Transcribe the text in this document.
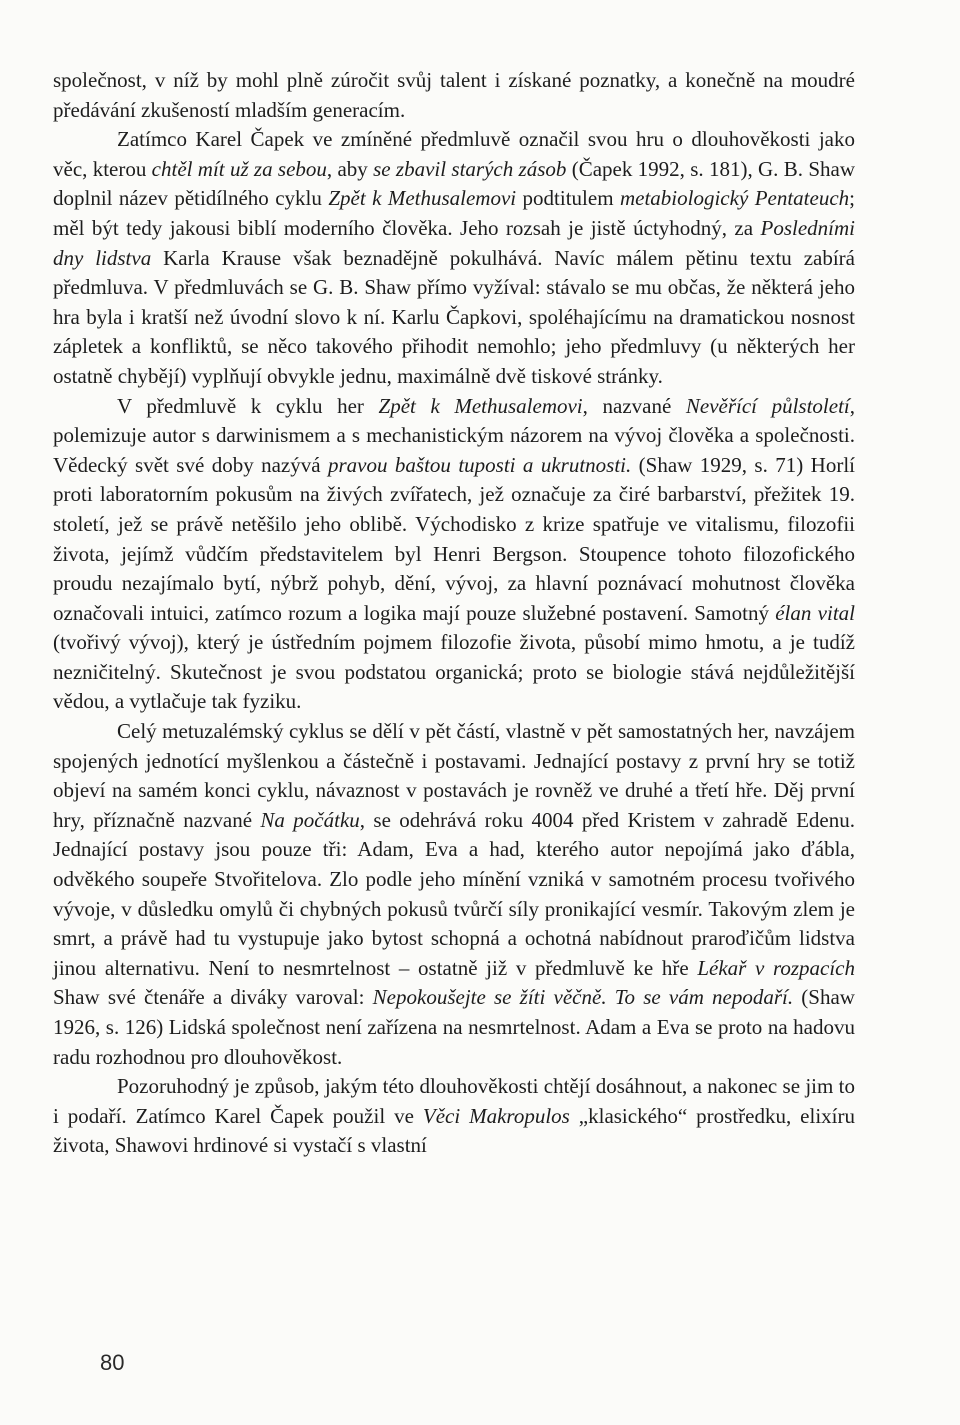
společnost, v níž by mohl plně zúročit svůj talent i získané poznatky, a konečně na moudré předávání zkušeností mladším generacím.

Zatímco Karel Čapek ve zmíněné předmluvě označil svou hru o dlouhověkosti jako věc, kterou chtěl mít už za sebou, aby se zbavil starých zásob (Čapek 1992, s. 181), G. B. Shaw doplnil název pětidílného cyklu Zpět k Methusalemovi podtitulem metabiologický Pentateuch; měl být tedy jakousi biblí moderního člověka. Jeho rozsah je jistě úctyhodný, za Posledními dny lidstva Karla Krause však beznadějně pokulhává. Navíc málem pětinu textu zabírá předmluva. V předmluvách se G. B. Shaw přímo vyžíval: stávalo se mu občas, že některá jeho hra byla i kratší než úvodní slovo k ní. Karlu Čapkovi, spoléhajícímu na dramatickou nosnost zápletek a konfliktů, se něco takového přihodit nemohlo; jeho předmluvy (u některých her ostatně chybějí) vyplňují obvykle jednu, maximálně dvě tiskové stránky.

V předmluvě k cyklu her Zpět k Methusalemovi, nazvané Nevěřící půlstoletí, polemizuje autor s darwinismem a s mechanistickým názorem na vývoj člověka a společnosti. Vědecký svět své doby nazývá pravou baštou tuposti a ukrutnosti. (Shaw 1929, s. 71) Horlí proti laboratorním pokusům na živých zvířatech, jež označuje za čiré barbarství, přežitek 19. století, jež se právě netěšilo jeho oblibě. Východisko z krize spatřuje ve vitalismu, filozofii života, jejímž vůdčím představitelem byl Henri Bergson. Stoupence tohoto filozofického proudu nezajímalo bytí, nýbrž pohyb, dění, vývoj, za hlavní poznávací mohutnost člověka označovali intuici, zatímco rozum a logika mají pouze služebné postavení. Samotný élan vital (tvořivý vývoj), který je ústředním pojmem filozofie života, působí mimo hmotu, a je tudíž nezničitelný. Skutečnost je svou podstatou organická; proto se biologie stává nejdůležitější vědou, a vytlačuje tak fyziku.

Celý metuzalémský cyklus se dělí v pět částí, vlastně v pět samostatných her, navzájem spojených jednotící myšlenkou a částečně i postavami. Jednající postavy z první hry se totiž objeví na samém konci cyklu, návaznost v postavách je rovněž ve druhé a třetí hře. Děj první hry, příznačně nazvané Na počátku, se odehrává roku 4004 před Kristem v zahradě Edenu. Jednající postavy jsou pouze tři: Adam, Eva a had, kterého autor nepojímá jako ďábla, odvěkého soupeře Stvořitelova. Zlo podle jeho mínění vzniká v samotném procesu tvořivého vývoje, v důsledku omylů či chybných pokusů tvůrčí síly pronikající vesmír. Takovým zlem je smrt, a právě had tu vystupuje jako bytost schopná a ochotná nabídnout praroďičům lidstva jinou alternativu. Není to nesmrtelnost – ostatně již v předmluvě ke hře Lékař v rozpacích Shaw své čtenáře a diváky varoval: Nepokoušejte se žíti věčně. To se vám nepodaří. (Shaw 1926, s. 126) Lidská společnost není zařízena na nesmrtelnost. Adam a Eva se proto na hadovu radu rozhodnou pro dlouhověkost.

Pozoruhodný je způsob, jakým této dlouhověkosti chtějí dosáhnout, a nakonec se jim to i podaří. Zatímco Karel Čapek použil ve Věci Makropulos „klasického“ prostředku, elixíru života, Shawovi hrdinové si vystačí s vlastní

80
